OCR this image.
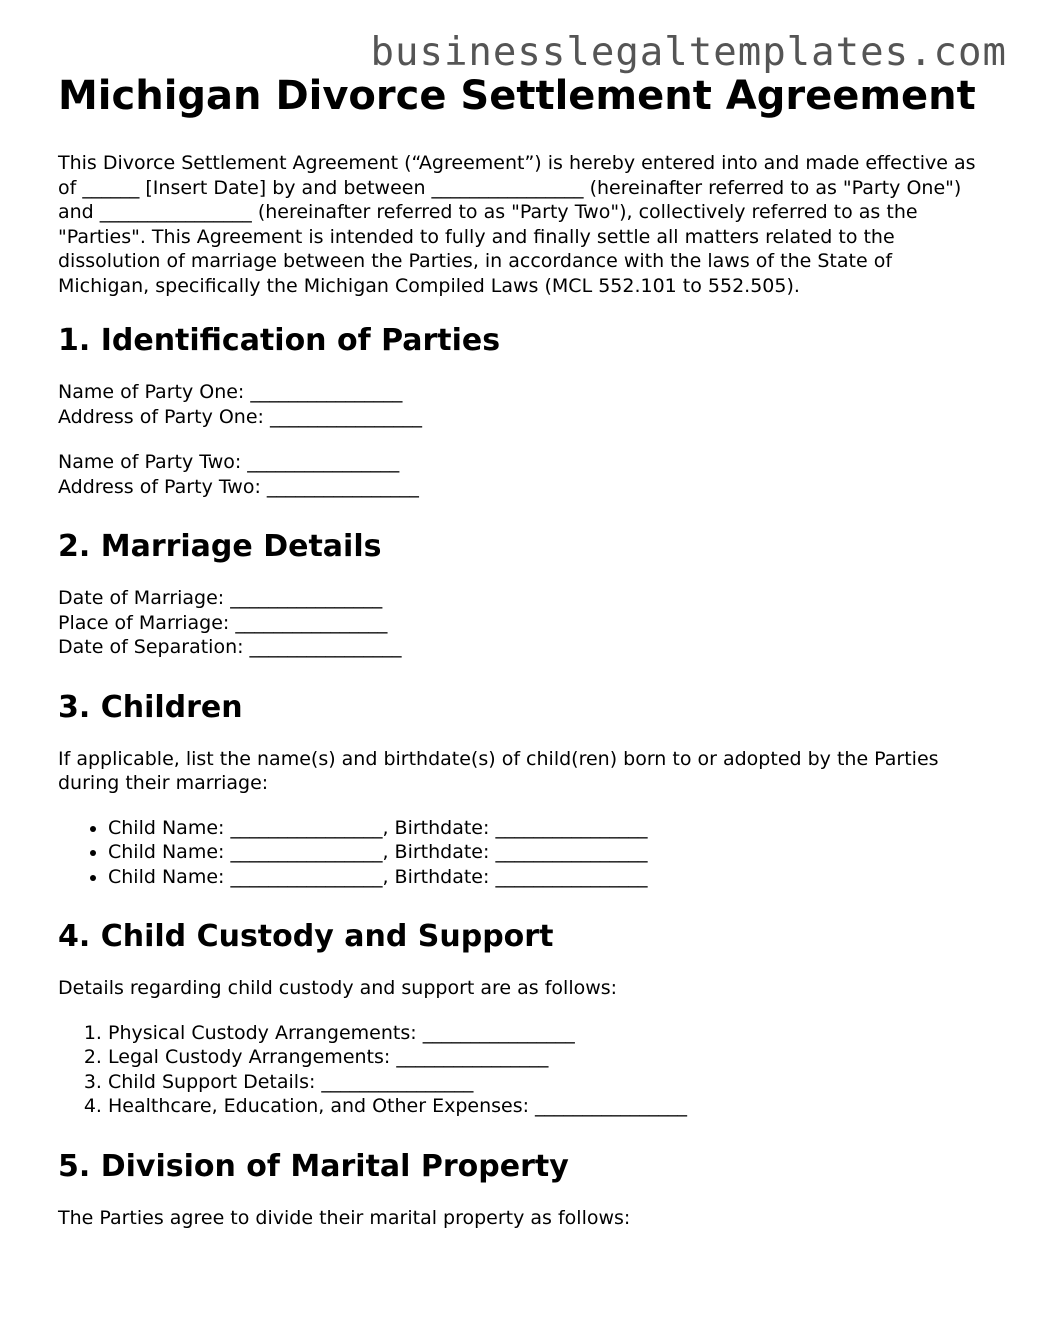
businesslegaltemplates.com
Michigan Divorce Settlement Agreement

This Divorce Settlement Agreement (“Agreement”) is hereby entered into and made effective as of ______ [Insert Date] by and between ________________ (hereinafter referred to as "Party One") and ________________ (hereinafter referred to as "Party Two"), collectively referred to as the "Parties". This Agreement is intended to fully and finally settle all matters related to the dissolution of marriage between the Parties, in accordance with the laws of the State of Michigan, specifically the Michigan Compiled Laws (MCL 552.101 to 552.505).

1. Identification of Parties

Name of Party One: ________________

Address of Party One: ________________

Name of Party Two: ________________

Address of Party Two: ________________

2. Marriage Details

Date of Marriage: ________________

Place of Marriage: ________________

Date of Separation: ________________

3. Children

If applicable, list the name(s) and birthdate(s) of child(ren) born to or adopted by the Parties during their marriage:

• Child Name: ________________, Birthdate: ________________
• Child Name: ________________, Birthdate: ________________
• Child Name: ________________, Birthdate: ________________
4. Child Custody and Support

Details regarding child custody and support are as follows:

1. Physical Custody Arrangements: ________________
2. Legal Custody Arrangements: ________________
3. Child Support Details: ________________
4. Healthcare, Education, and Other Expenses: ________________
5. Division of Marital Property

The Parties agree to divide their marital property as follows:
